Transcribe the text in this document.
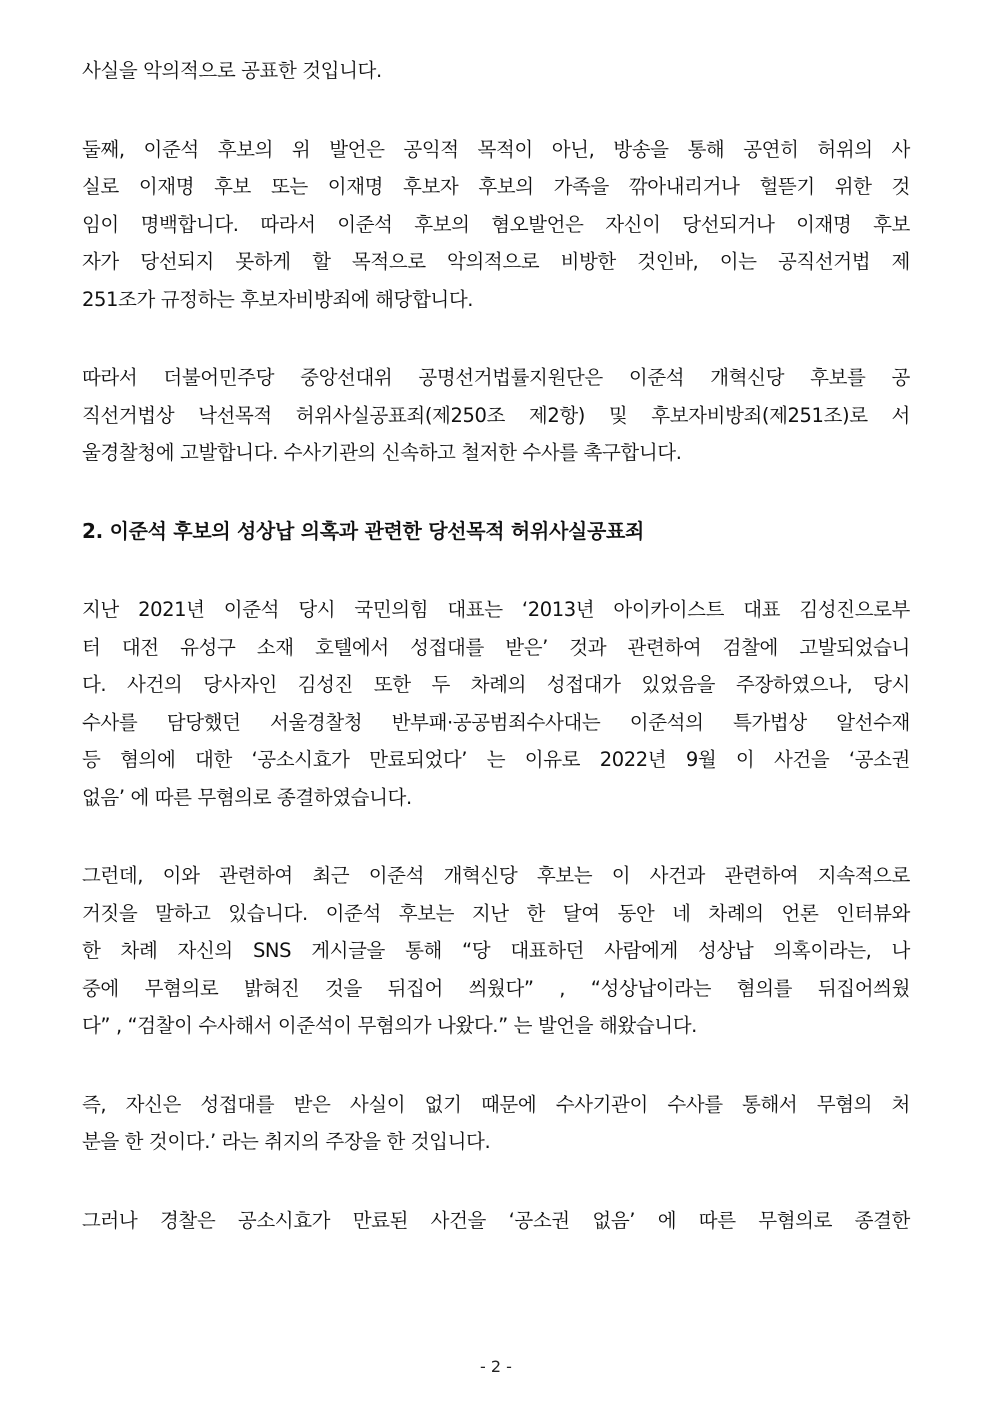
사실을 악의적으로 공표한 것입니다.

둘째, 이준석 후보의 위 발언은 공익적 목적이 아닌, 방송을 통해 공연히 허위의 사
실로 이재명 후보 또는 이재명 후보자 후보의 가족을 깎아내리거나 헐뜯기 위한 것
임이 명백합니다. 따라서 이준석 후보의 혐오발언은 자신이 당선되거나 이재명 후보
자가 당선되지 못하게 할 목적으로 악의적으로 비방한 것인바, 이는 공직선거법 제
251조가 규정하는 후보자비방죄에 해당합니다.

따라서 더불어민주당 중앙선대위 공명선거법률지원단은 이준석 개혁신당 후보를 공
직선거법상 낙선목적 허위사실공표죄(제250조 제2항) 및 후보자비방죄(제251조)로 서
울경찰청에 고발합니다. 수사기관의 신속하고 철저한 수사를 촉구합니다.

2. 이준석 후보의 성상납 의혹과 관련한 당선목적 허위사실공표죄

지난 2021년 이준석 당시 국민의힘 대표는 ‘2013년 아이카이스트 대표 김성진으로부
터 대전 유성구 소재 호텔에서 성접대를 받은’ 것과 관련하여 검찰에 고발되었습니
다. 사건의 당사자인 김성진 또한 두 차례의 성접대가 있었음을 주장하였으나, 당시
수사를 담당했던 서울경찰청 반부패·공공범죄수사대는 이준석의 특가법상 알선수재
등 혐의에 대한 ‘공소시효가 만료되었다’ 는 이유로 2022년 9월 이 사건을 ‘공소권
없음’ 에 따른 무혐의로 종결하였습니다.

그런데, 이와 관련하여 최근 이준석 개혁신당 후보는 이 사건과 관련하여 지속적으로
거짓을 말하고 있습니다. 이준석 후보는 지난 한 달여 동안 네 차례의 언론 인터뷰와
한 차례 자신의 SNS 게시글을 통해 “당 대표하던 사람에게 성상납 의혹이라는, 나
중에 무혐의로 밝혀진 것을 뒤집어 씌웠다” , “성상납이라는 혐의를 뒤집어씌웠
다” , “검찰이 수사해서 이준석이 무혐의가 나왔다.” 는 발언을 해왔습니다.

즉, 자신은 성접대를 받은 사실이 없기 때문에 수사기관이 수사를 통해서 무혐의 처
분을 한 것이다.’ 라는 취지의 주장을 한 것입니다.

그러나 경찰은 공소시효가 만료된 사건을 ‘공소권 없음’ 에 따른 무혐의로 종결한

- 2 -
